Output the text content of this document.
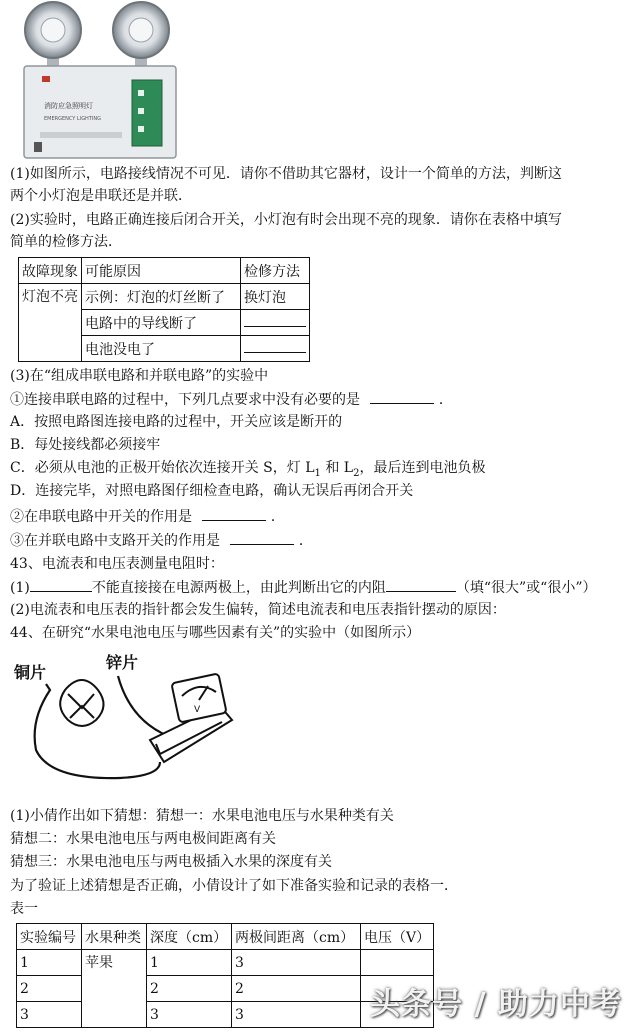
消防应急照明灯
EMERGENCY LIGHTING
(1)如图所示，电路接线情况不可见．请你不借助其它器材，设计一个简单的方法，判断这
两个小灯泡是串联还是并联．
(2)实验时，电路正确连接后闭合开关，小灯泡有时会出现不亮的现象．请你在表格中填写
简单的检修方法．
故障现象	可能原因	检修方法
灯泡不亮	示例：灯泡的灯丝断了	换灯泡
	电路中的导线断了	
	电池没电了	
(3)在“组成串联电路和并联电路”的实验中
①连接串联电路的过程中，下列几点要求中没有必要的是	．
A．按照电路图连接电路的过程中，开关应该是断开的
B．每处接线都必须接牢
C．必须从电池的正极开始依次连接开关 S，灯 $L_1$ 和 $L_2$，最后连到电池负极
D．连接完毕，对照电路图仔细检查电路，确认无误后再闭合开关
②在串联电路中开关的作用是	．
③在并联电路中支路开关的作用是	．
43、电流表和电压表测量电阻时：
(1)	不能直接接在电源两极上，由此判断出它的内阻	（填“很大”或“很小”）
(2)电流表和电压表的指针都会发生偏转，简述电流表和电压表指针摆动的原因：
44、在研究“水果电池电压与哪些因素有关”的实验中（如图所示）
铜片
锌片
V
(1)小倩作出如下猜想：猜想一：水果电池电压与水果种类有关
猜想二：水果电池电压与两电极间距离有关
猜想三：水果电池电压与两电极插入水果的深度有关
为了验证上述猜想是否正确，小倩设计了如下准备实验和记录的表格一．
表一
实验编号	水果种类	深度（cm）	两极间距离（cm）	电压（V）
1	苹果	1	3	
2		2	2	
3		3	3		头条号 / 助力中考
